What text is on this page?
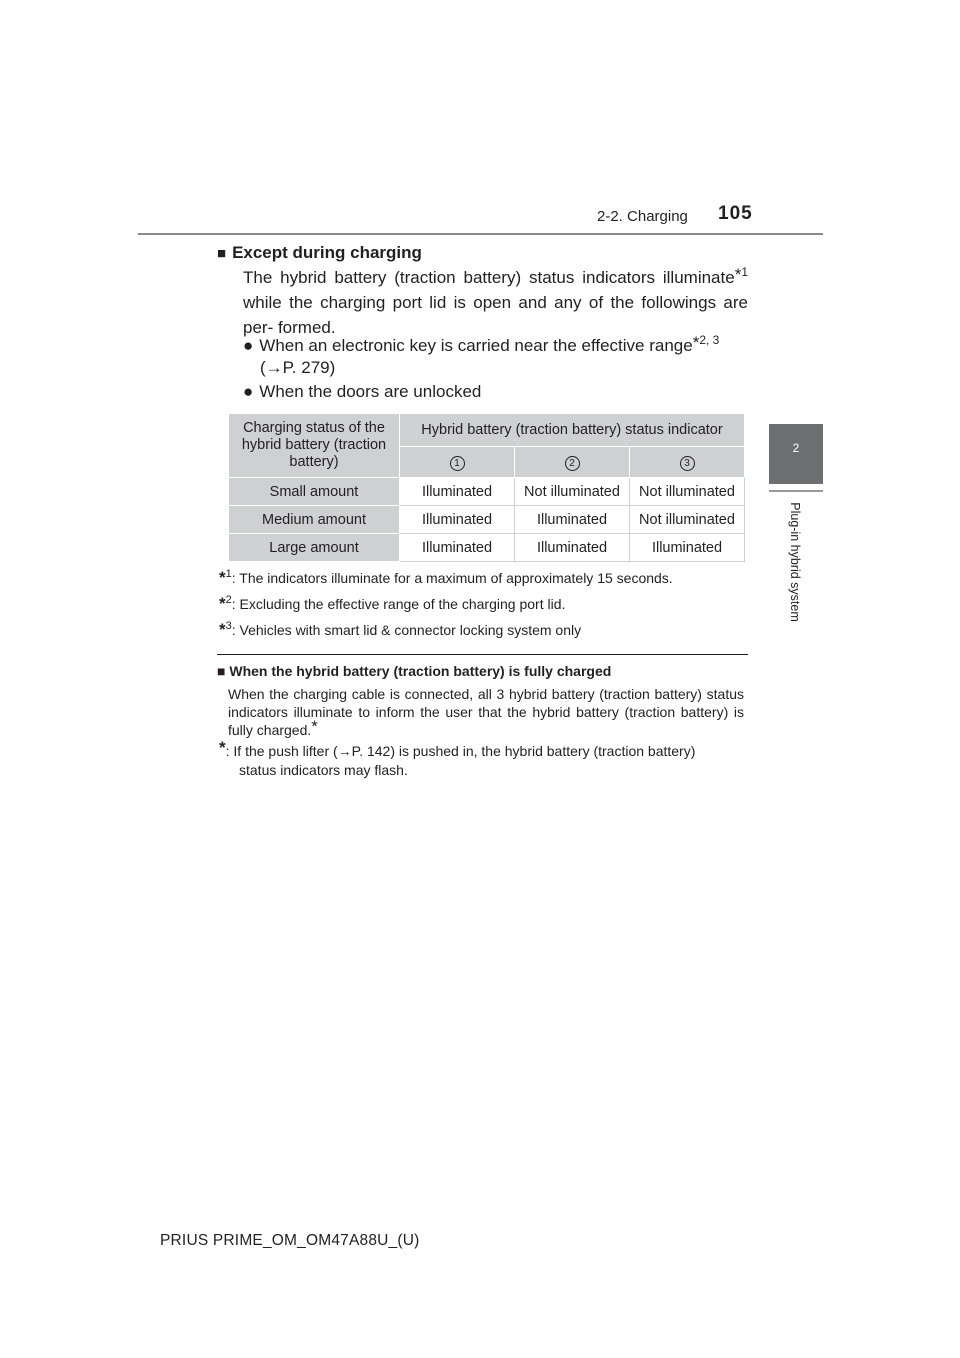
2-2. Charging 105
2
Plug-in hybrid system
■ Except during charging
The hybrid battery (traction battery) status indicators illuminate*$^1$ while the charging port lid is open and any of the followings are per- formed.
● When an electronic key is carried near the effective range*$^{2, 3}$
(→P. 279)
● When the doors are unlocked
Charging status of the hybrid battery (traction battery)	Hybrid battery (traction battery) status indicator		
	1	2	3
Small amount	Illuminated	Not illuminated	Not illuminated
Medium amount	Illuminated	Illuminated	Not illuminated
Large amount	Illuminated	Illuminated	Illuminated
*$^1$: The indicators illuminate for a maximum of approximately 15 seconds.
*$^2$: Excluding the effective range of the charging port lid.
*$^3$: Vehicles with smart lid & connector locking system only
■ When the hybrid battery (traction battery) is fully charged
When the charging cable is connected, all 3 hybrid battery (traction battery) status indicators illuminate to inform the user that the hybrid battery (traction battery) is fully charged.*
*: If the push lifter (→P. 142) is pushed in, the hybrid battery (traction battery)
status indicators may flash.
PRIUS PRIME_OM_OM47A88U_(U)
